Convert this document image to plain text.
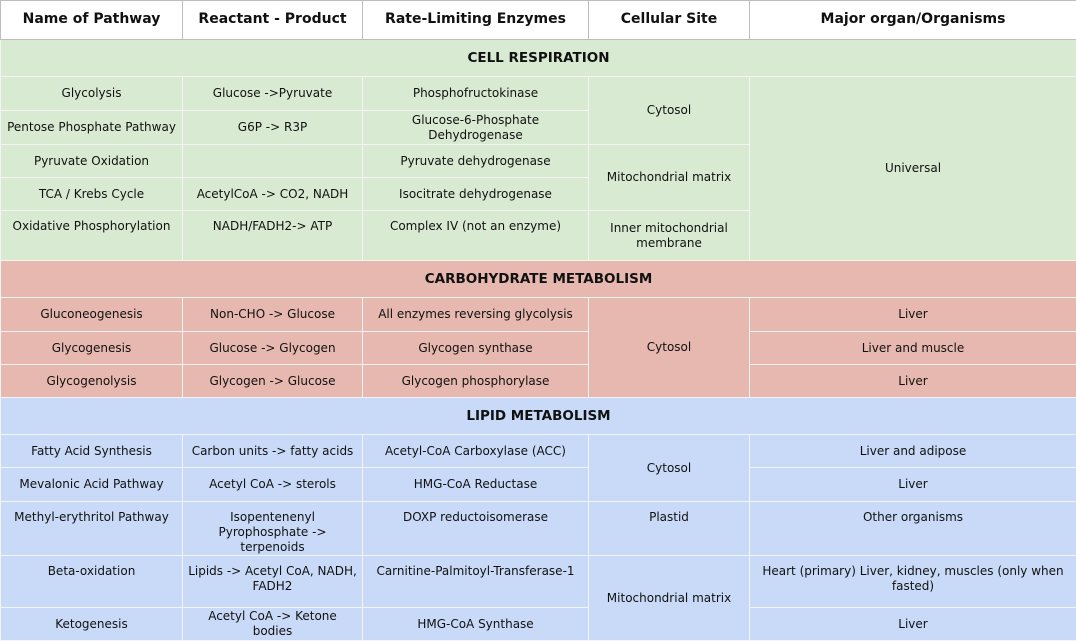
Name of Pathway	Reactant - Product	Rate-Limiting Enzymes	Cellular Site	Major organ/Organisms
CELL RESPIRATION				
Glycolysis	Glucose ->Pyruvate	Phosphofructokinase	Cytosol	Universal
Pentose Phosphate Pathway	G6P -> R3P	Glucose-6-Phosphate Dehydrogenase		
Pyruvate Oxidation		Pyruvate dehydrogenase	Mitochondrial matrix	
TCA / Krebs Cycle	AcetylCoA -> CO2, NADH	Isocitrate dehydrogenase		
Oxidative Phosphorylation	NADH/FADH2-> ATP	Complex IV (not an enzyme)	Inner mitochondrial membrane	
CARBOHYDRATE METABOLISM				
Gluconeogenesis	Non-CHO -> Glucose	All enzymes reversing glycolysis	Cytosol	Liver
Glycogenesis	Glucose -> Glycogen	Glycogen synthase		Liver and muscle
Glycogenolysis	Glycogen -> Glucose	Glycogen phosphorylase		Liver
LIPID METABOLISM				
Fatty Acid Synthesis	Carbon units -> fatty acids	Acetyl-CoA Carboxylase (ACC)	Cytosol	Liver and adipose
Mevalonic Acid Pathway	Acetyl CoA -> sterols	HMG-CoA Reductase		Liver
Methyl-erythritol Pathway	Isopentenenyl Pyrophosphate -> terpenoids	DOXP reductoisomerase	Plastid	Other organisms
Beta-oxidation	Lipids -> Acetyl CoA, NADH, FADH2	Carnitine-Palmitoyl-Transferase-1	Mitochondrial matrix	Heart (primary) Liver, kidney, muscles (only when fasted)
Ketogenesis	Acetyl CoA -> Ketone bodies	HMG-CoA Synthase		Liver
